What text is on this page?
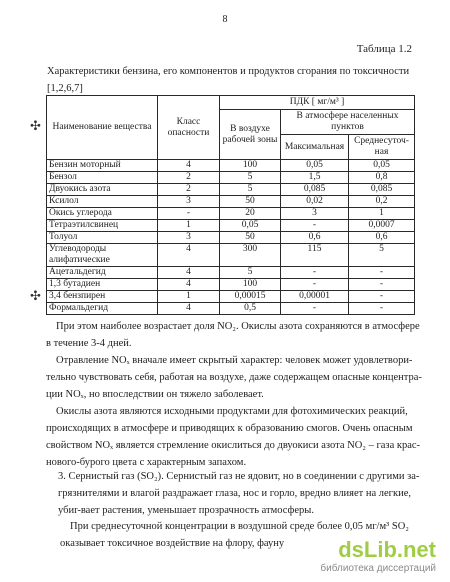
8
Таблица 1.2
Характеристики бензина, его компонентов и продуктов сгорания по токсичности [1,2,6,7]
✣
✣
Наименование вещества	Класс опасности	ПДК [ мг/м³ ]		
		В воздухе рабочей зоны	В атмосфере населенных пунктов	
			Максимальная	Среднесуточ-ная
Бензин моторный	4	100	0,05	0,05
Бензол	2	5	1,5	0,8
Двуокись азота	2	5	0,085	0,085
Ксилол	3	50	0,02	0,2
Окись углерода	-	20	3	1
Тетраэтилсвинец	1	0,05	-	0,0007
Толуол	3	50	0,6	0,6
Углеводороды алифатические	4	300	115	5
Ацетальдегид	4	5	-	-
1,3 бутадиен	4	100	-	-
3,4 бензпирен	1	0,00015	0,00001	-
Формальдегид	4	0,5	-	-
При этом наиболее возрастает доля NO₂. Окислы азота сохраняются в атмосфере в течение 3-4 дней.
Отравление NOₓ вначале имеет скрытый характер: человек может удовлетвори-тельно чувствовать себя, работая на воздухе, даже содержащем опасные концентра-ции NOₓ, но впоследствии он тяжело заболевает.
Окислы азота являются исходными продуктами для фотохимических реакций, происходящих в атмосфере и приводящих к образованию смогов. Очень опасным свойством NOₓ является стремление окислиться до двуокиси азота NO₂ – газа крас-нового-бурого цвета с характерным запахом.
3. Сернистый газ (SO₂). Сернистый газ не ядовит, но в соединении с другими за-грязнителями и влагой раздражает глаза, нос и горло, вредно влияет на легкие, убиr-вает растения, уменьшает прозрачность атмосферы.
При среднесуточной концентрации в воздушной среде более 0,05 мг/м³ SO₂ оказывает токсичное воздействие на флору, фауну	dsLib.net
библиотека диссертаций
